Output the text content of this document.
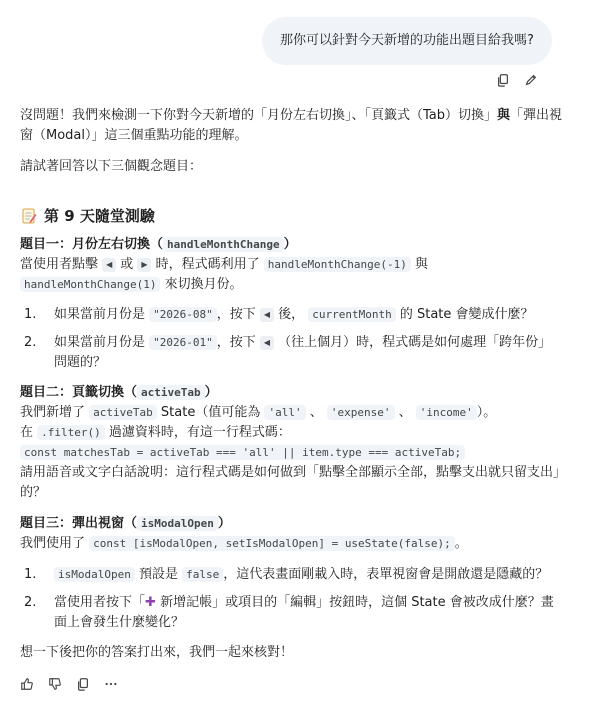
那你可以針對今天新增的功能出題目給我嗎?
沒問題！我們來檢測一下你對今天新增的「月份左右切換」、「頁籤式（Tab）切換」與「彈出視
窗（Modal）」這三個重點功能的理解。
請試著回答以下三個觀念題目：
第 9 天隨堂測驗
題目一：月份左右切換（ handleMonthChange ）
當使用者點擊 ◀ 或 ▶ 時，程式碼利用了 handleMonthChange(-1) 與
handleMonthChange(1) 來切換月份。
1.	如果當前月份是 "2026-08" ，按下 ◀ 後， currentMonth 的 State 會變成什麼？
2.	如果當前月份是 "2026-01" ，按下 ◀ （往上個月）時，程式碼是如何處理「跨年份」
問題的？
題目二：頁籤切換（ activeTab ）
我們新增了 activeTab State（值可能為 'all' 、 'expense' 、 'income' ）。
在 .filter() 過濾資料時，有這一行程式碼：
const matchesTab = activeTab === 'all' || item.type === activeTab;
請用語音或文字白話說明：這行程式碼是如何做到「點擊全部顯示全部，點擊支出就只留支出」
的？
題目三：彈出視窗（ isModalOpen ）
我們使用了 const [isModalOpen, setIsModalOpen] = useState(false); 。
1.	isModalOpen 預設是 false ，這代表畫面剛載入時，表單視窗會是開啟還是隱藏的？
2.	當使用者按下「✚ 新增記帳」或項目的「編輯」按鈕時，這個 State 會被改成什麼？畫
面上會發生什麼變化？
想一下後把你的答案打出來，我們一起來核對！
